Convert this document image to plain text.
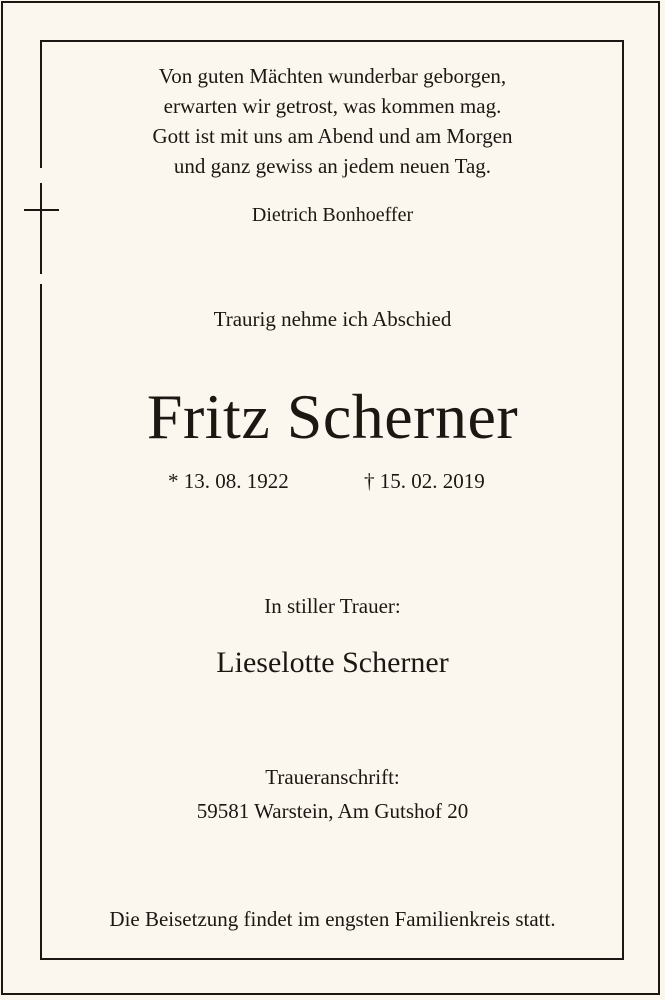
Von guten Mächten wunderbar geborgen,
erwarten wir getrost, was kommen mag.
Gott ist mit uns am Abend und am Morgen
und ganz gewiss an jedem neuen Tag.
Dietrich Bonhoeffer
Traurig nehme ich Abschied
Fritz Scherner
* 13. 08. 1922	† 15. 02. 2019
In stiller Trauer:
Lieselotte Scherner
Traueranschrift:
59581 Warstein, Am Gutshof 20
Die Beisetzung findet im engsten Familienkreis statt.
